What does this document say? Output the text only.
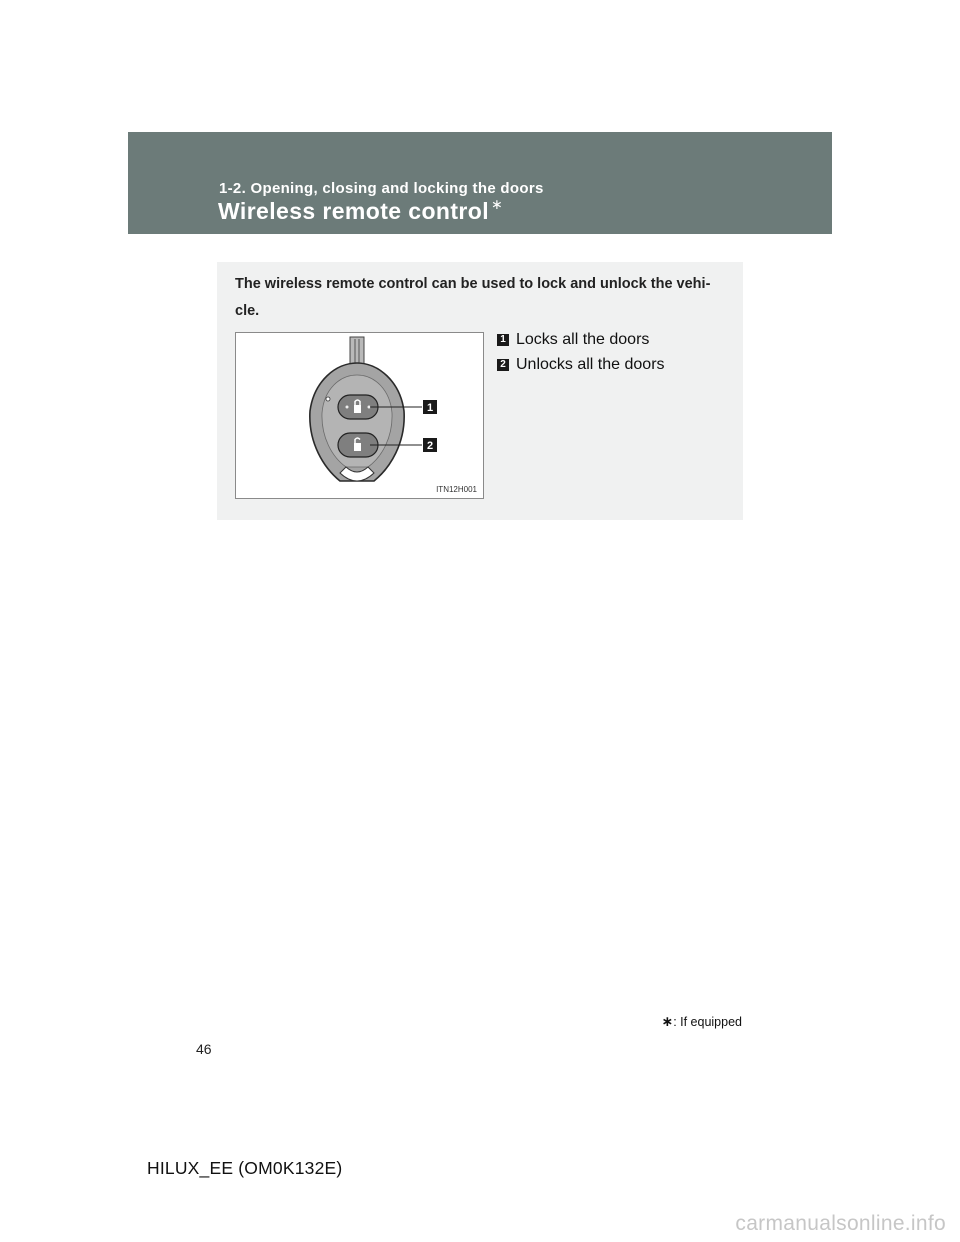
1-2. Opening, closing and locking the doors
Wireless remote control ∗
The wireless remote control can be used to lock and unlock the vehi-cle.
1
2
ITN12H001
1 Locks all the doors
2 Unlocks all the doors
∗: If equipped
46
HILUX_EE (OM0K132E)
carmanualsonline.info
